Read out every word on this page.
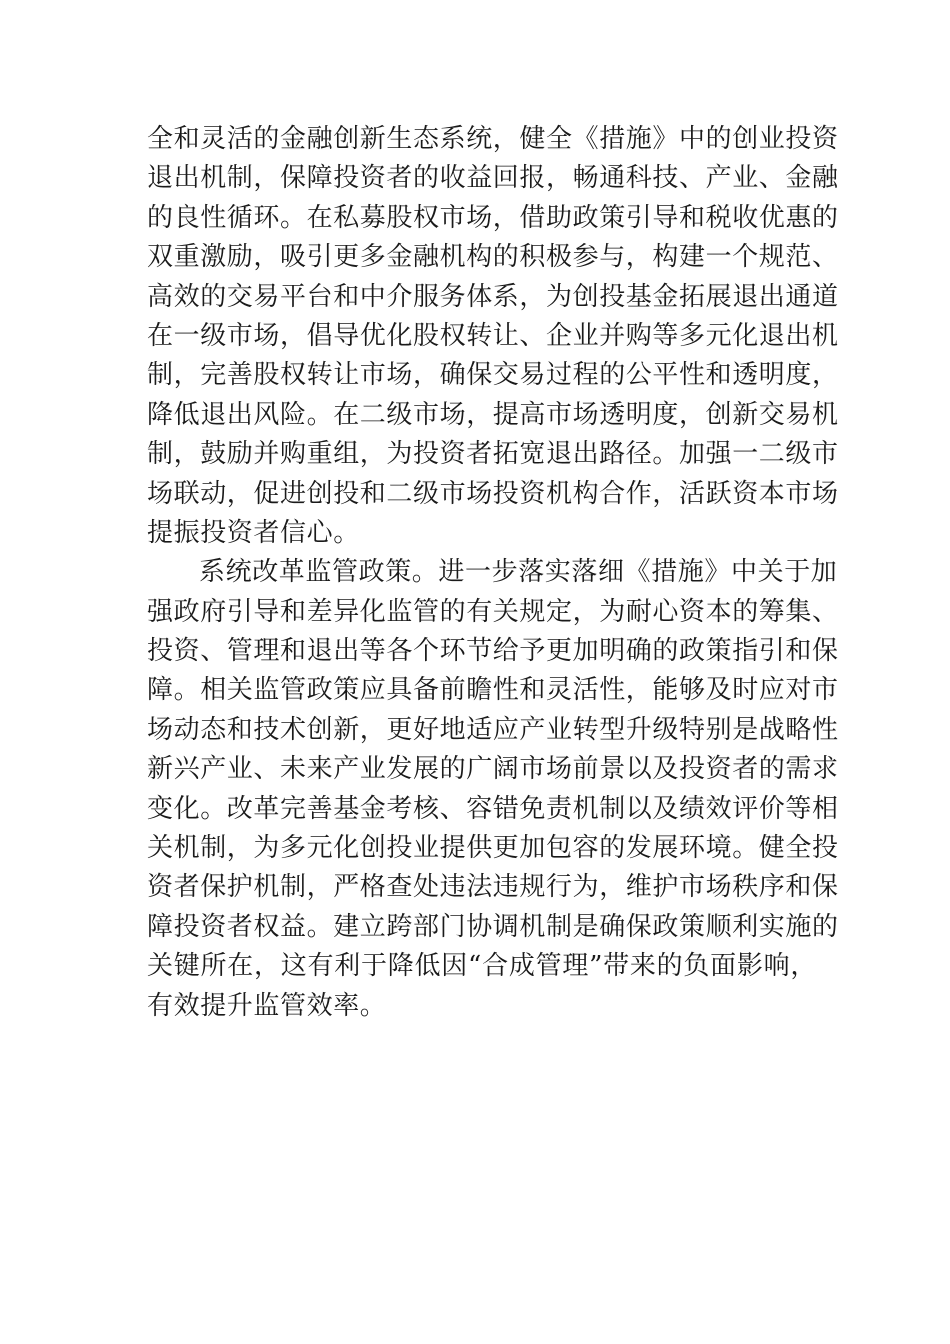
全和灵活的金融创新生态系统，健全《措施》中的创业投资
退出机制，保障投资者的收益回报，畅通科技、产业、金融
的良性循环。在私募股权市场，借助政策引导和税收优惠的
双重激励，吸引更多金融机构的积极参与，构建一个规范、
高效的交易平台和中介服务体系，为创投基金拓展退出通道
在一级市场，倡导优化股权转让、企业并购等多元化退出机
制，完善股权转让市场，确保交易过程的公平性和透明度，
降低退出风险。在二级市场，提高市场透明度，创新交易机
制，鼓励并购重组，为投资者拓宽退出路径。加强一二级市
场联动，促进创投和二级市场投资机构合作，活跃资本市场
提振投资者信心。
系统改革监管政策。进一步落实落细《措施》中关于加
强政府引导和差异化监管的有关规定，为耐心资本的筹集、
投资、管理和退出等各个环节给予更加明确的政策指引和保
障。相关监管政策应具备前瞻性和灵活性，能够及时应对市
场动态和技术创新，更好地适应产业转型升级特别是战略性
新兴产业、未来产业发展的广阔市场前景以及投资者的需求
变化。改革完善基金考核、容错免责机制以及绩效评价等相
关机制，为多元化创投业提供更加包容的发展环境。健全投
资者保护机制，严格查处违法违规行为，维护市场秩序和保
障投资者权益。建立跨部门协调机制是确保政策顺利实施的
关键所在，这有利于降低因“合成管理”带来的负面影响，
有效提升监管效率。
